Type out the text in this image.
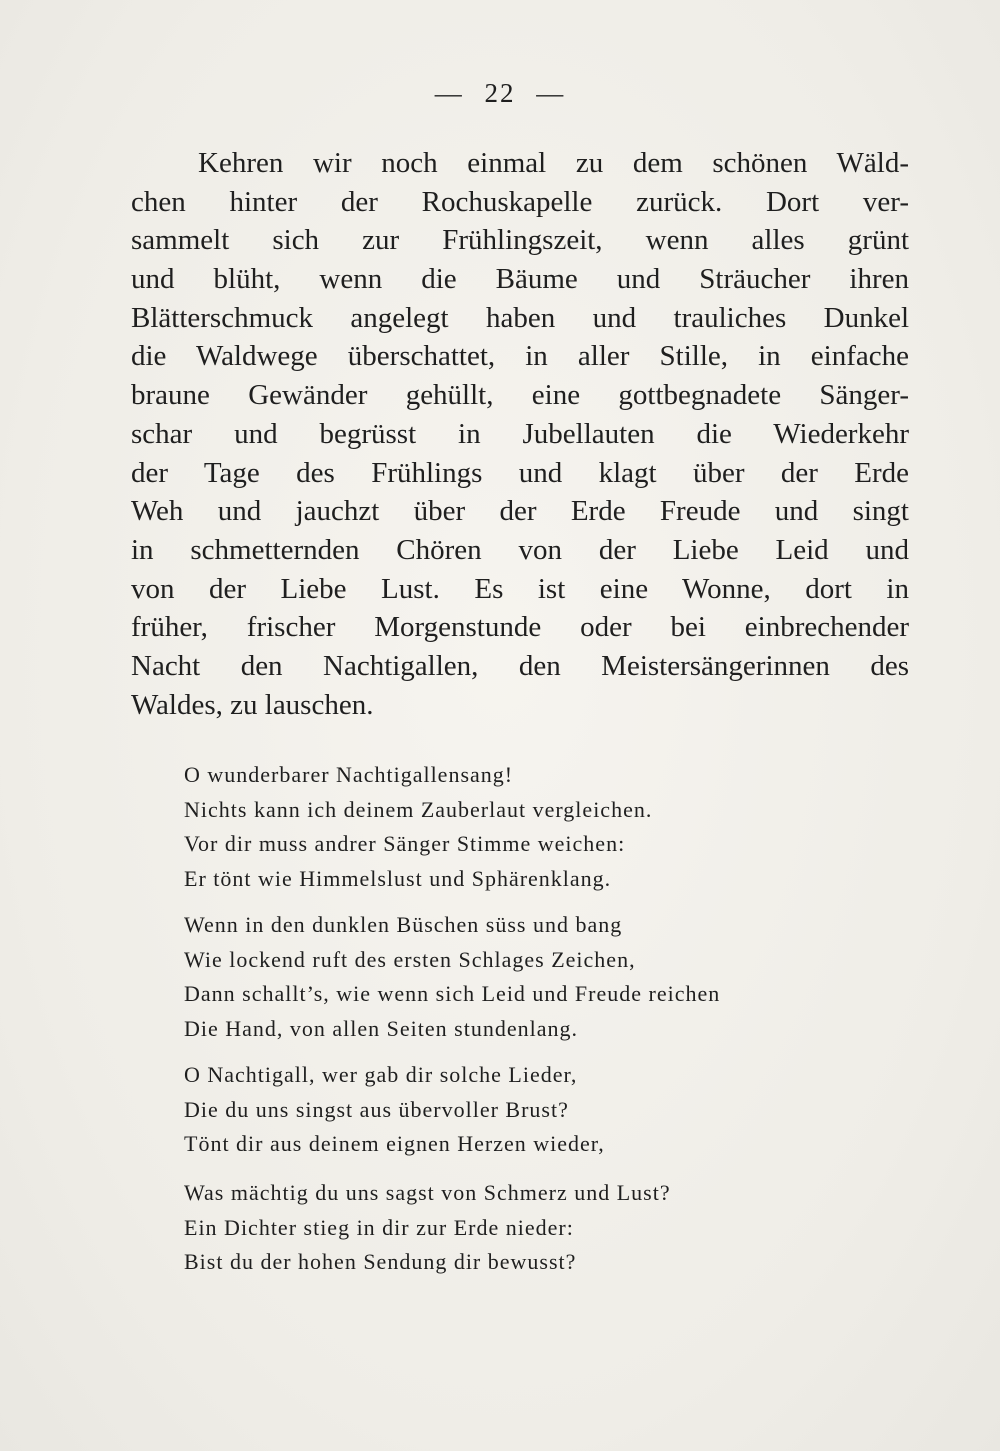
— 22 —
Kehren wir noch einmal zu dem schönen Wäld-
chen hinter der Rochuskapelle zurück. Dort ver-
sammelt sich zur Frühlingszeit, wenn alles grünt
und blüht, wenn die Bäume und Sträucher ihren
Blätterschmuck angelegt haben und trauliches Dunkel
die Waldwege überschattet, in aller Stille, in einfache
braune Gewänder gehüllt, eine gottbegnadete Sänger-
schar und begrüsst in Jubellauten die Wiederkehr
der Tage des Frühlings und klagt über der Erde
Weh und jauchzt über der Erde Freude und singt
in schmetternden Chören von der Liebe Leid und
von der Liebe Lust. Es ist eine Wonne, dort in
früher, frischer Morgenstunde oder bei einbrechender
Nacht den Nachtigallen, den Meistersängerinnen des
Waldes, zu lauschen.
O wunderbarer Nachtigallensang!
Nichts kann ich deinem Zauberlaut vergleichen.
Vor dir muss andrer Sänger Stimme weichen:
Er tönt wie Himmelslust und Sphärenklang.
Wenn in den dunklen Büschen süss und bang
Wie lockend ruft des ersten Schlages Zeichen,
Dann schallt’s, wie wenn sich Leid und Freude reichen
Die Hand, von allen Seiten stundenlang.
O Nachtigall, wer gab dir solche Lieder,
Die du uns singst aus übervoller Brust?
Tönt dir aus deinem eignen Herzen wieder,
Was mächtig du uns sagst von Schmerz und Lust?
Ein Dichter stieg in dir zur Erde nieder:
Bist du der hohen Sendung dir bewusst?
